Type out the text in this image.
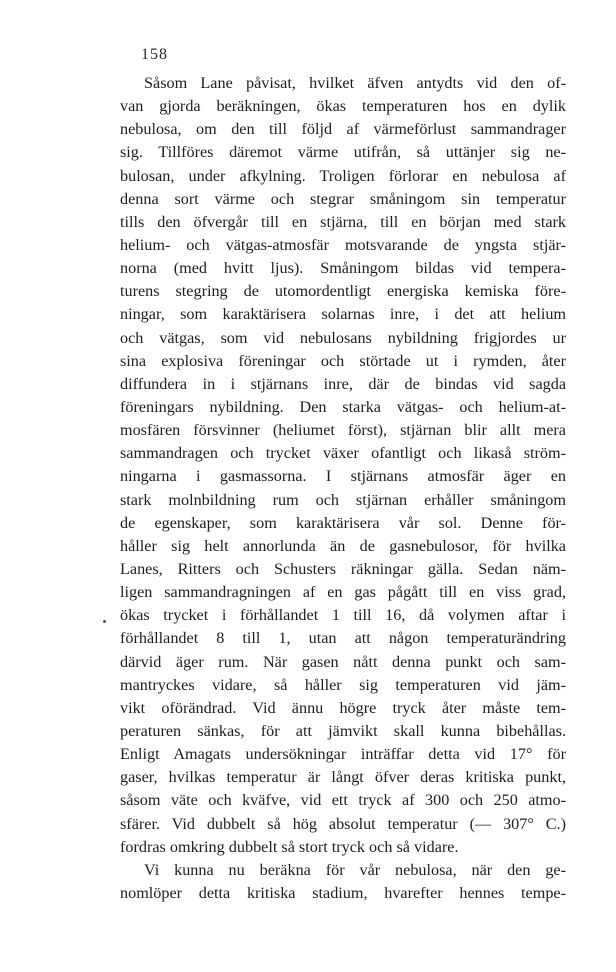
158
Såsom Lane påvisat, hvilket äfven antydts vid den of-
van gjorda beräkningen, ökas temperaturen hos en dylik
nebulosa, om den till följd af värmeförlust sammandrager
sig. Tillföres däremot värme utifrån, så uttänjer sig ne-
bulosan, under afkylning. Troligen förlorar en nebulosa af
denna sort värme och stegrar småningom sin temperatur
tills den öfvergår till en stjärna, till en början med stark
helium- och vätgas-atmosfär motsvarande de yngsta stjär-
norna (med hvitt ljus). Småningom bildas vid tempera-
turens stegring de utomordentligt energiska kemiska före-
ningar, som karaktärisera solarnas inre, i det att helium
och vätgas, som vid nebulosans nybildning frigjordes ur
sina explosiva föreningar och störtade ut i rymden, åter
diffundera in i stjärnans inre, där de bindas vid sagda
föreningars nybildning. Den starka vätgas- och helium-at-
mosfären försvinner (heliumet först), stjärnan blir allt mera
sammandragen och trycket växer ofantligt och likaså ström-
ningarna i gasmassorna. I stjärnans atmosfär äger en
stark molnbildning rum och stjärnan erhåller småningom
de egenskaper, som karaktärisera vår sol. Denne för-
håller sig helt annorlunda än de gasnebulosor, för hvilka
Lanes, Ritters och Schusters räkningar gälla. Sedan näm-
ligen sammandragningen af en gas pågått till en viss grad,
ökas trycket i förhållandet 1 till 16, då volymen aftar i
förhållandet 8 till 1, utan att någon temperaturändring
därvid äger rum. När gasen nått denna punkt och sam-
mantryckes vidare, så håller sig temperaturen vid jäm-
vikt oförändrad. Vid ännu högre tryck åter måste tem-
peraturen sänkas, för att jämvikt skall kunna bibehållas.
Enligt Amagats undersökningar inträffar detta vid 17° för
gaser, hvilkas temperatur är långt öfver deras kritiska punkt,
såsom väte och kväfve, vid ett tryck af 300 och 250 atmo-
sfärer. Vid dubbelt så hög absolut temperatur (— 307° C.)
fordras omkring dubbelt så stort tryck och så vidare.
Vi kunna nu beräkna för vår nebulosa, när den ge-
nomlöper detta kritiska stadium, hvarefter hennes tempe-
